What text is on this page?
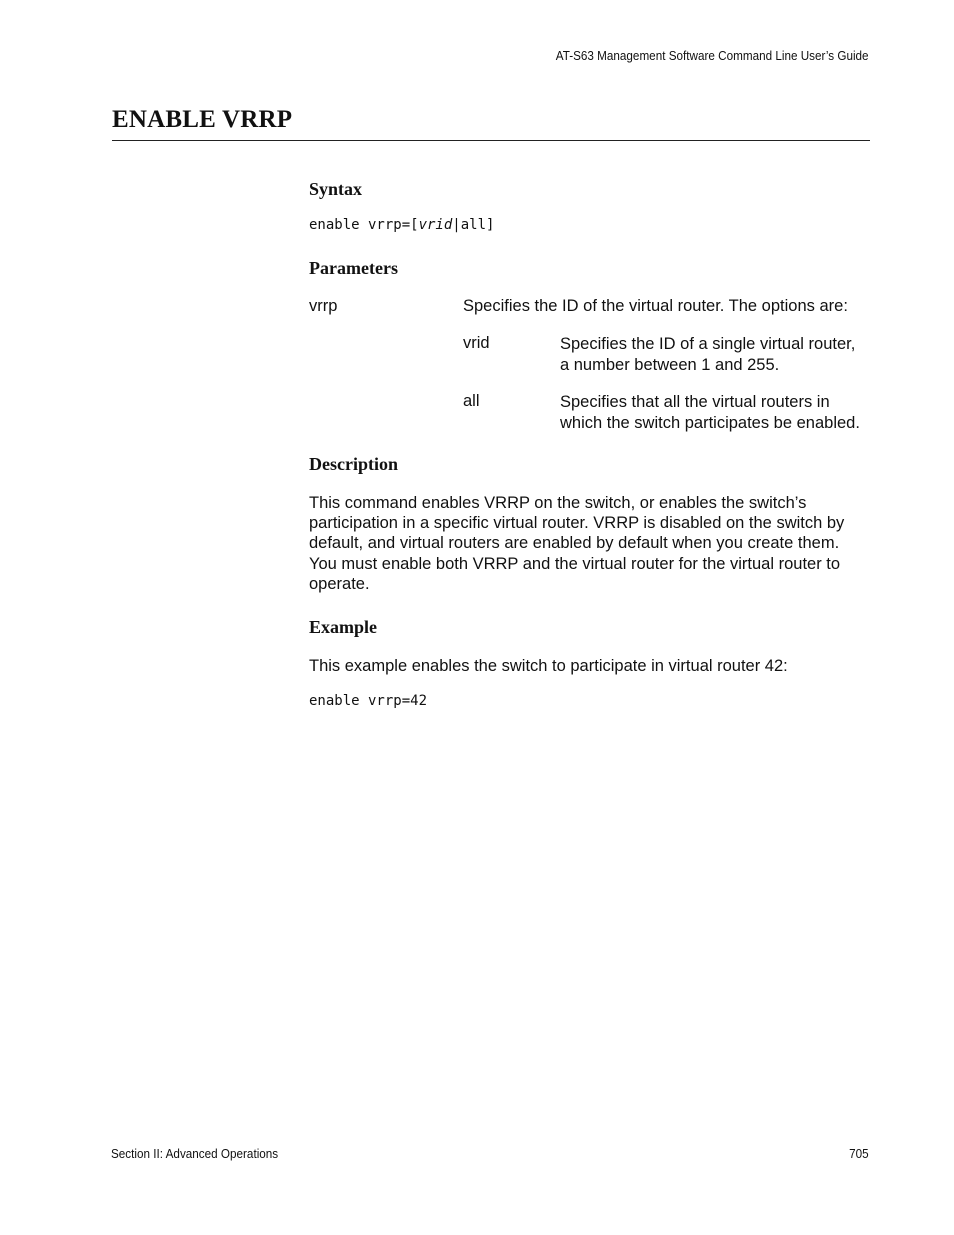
AT-S63 Management Software Command Line User’s Guide
ENABLE VRRP
Syntax
enable vrrp=[vrid|all]
Parameters
vrrp	Specifies the ID of the virtual router. The options are:
vrid	Specifies the ID of a single virtual router,
a number between 1 and 255.
all	Specifies that all the virtual routers in
which the switch participates be enabled.
Description
This command enables VRRP on the switch, or enables the switch’s
participation in a specific virtual router. VRRP is disabled on the switch by
default, and virtual routers are enabled by default when you create them.
You must enable both VRRP and the virtual router for the virtual router to
operate.
Example
This example enables the switch to participate in virtual router 42:
enable vrrp=42
Section II: Advanced Operations	705
